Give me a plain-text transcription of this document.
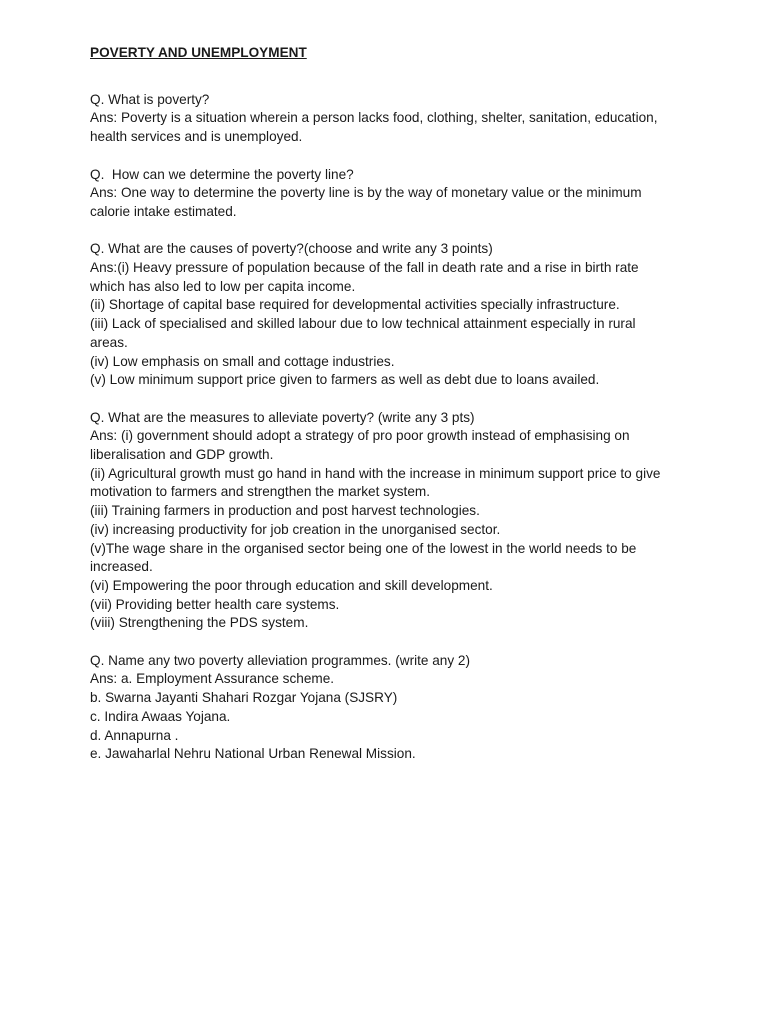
POVERTY AND UNEMPLOYMENT
Q. What is poverty?
Ans: Poverty is a situation wherein a person lacks food, clothing, shelter, sanitation, education,
health services and is unemployed.
Q.  How can we determine the poverty line?
Ans: One way to determine the poverty line is by the way of monetary value or the minimum
calorie intake estimated.
Q. What are the causes of poverty?(choose and write any 3 points)
Ans:(i) Heavy pressure of population because of the fall in death rate and a rise in birth rate
which has also led to low per capita income.
(ii) Shortage of capital base required for developmental activities specially infrastructure.
(iii) Lack of specialised and skilled labour due to low technical attainment especially in rural
areas.
(iv) Low emphasis on small and cottage industries.
(v) Low minimum support price given to farmers as well as debt due to loans availed.
Q. What are the measures to alleviate poverty? (write any 3 pts)
Ans: (i) government should adopt a strategy of pro poor growth instead of emphasising on
liberalisation and GDP growth.
(ii) Agricultural growth must go hand in hand with the increase in minimum support price to give
motivation to farmers and strengthen the market system.
(iii) Training farmers in production and post harvest technologies.
(iv) increasing productivity for job creation in the unorganised sector.
(v)The wage share in the organised sector being one of the lowest in the world needs to be
increased.
(vi) Empowering the poor through education and skill development.
(vii) Providing better health care systems.
(viii) Strengthening the PDS system.
Q. Name any two poverty alleviation programmes. (write any 2)
Ans: a. Employment Assurance scheme.
b. Swarna Jayanti Shahari Rozgar Yojana (SJSRY)
c. Indira Awaas Yojana.
d. Annapurna .
e. Jawaharlal Nehru National Urban Renewal Mission.
